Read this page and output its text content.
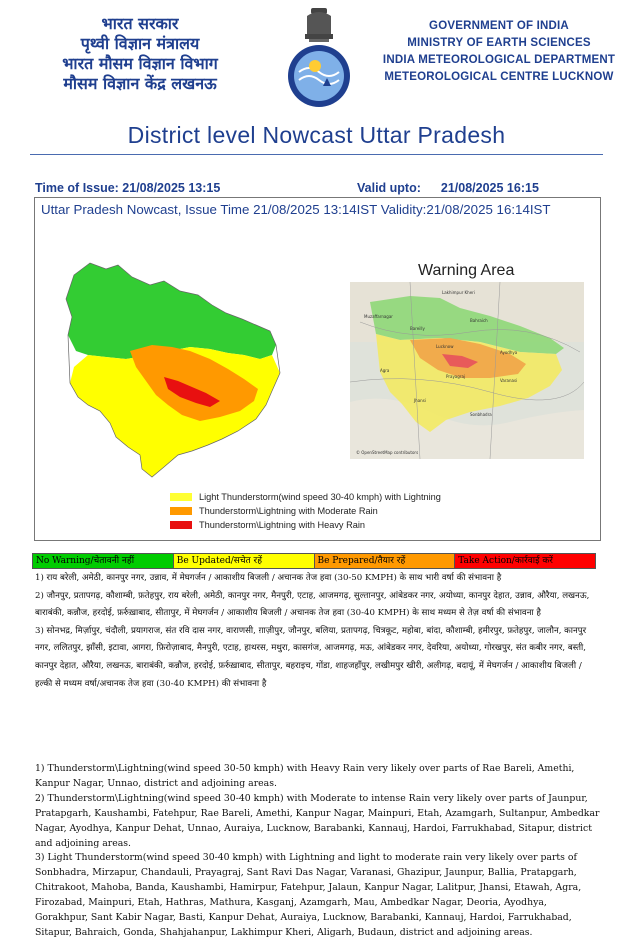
भारत सरकार
पृथ्वी विज्ञान मंत्रालय
भारत मौसम विज्ञान विभाग
मौसम विज्ञान केंद्र लखनऊ
GOVERNMENT OF INDIA
MINISTRY OF EARTH SCIENCES
INDIA METEOROLOGICAL DEPARTMENT
METEOROLOGICAL CENTRE LUCKNOW
District level Nowcast Uttar Pradesh
Time of Issue: 21/08/2025 13:15	Valid upto: 21/08/2025 16:15
Uttar Pradesh Nowcast, Issue Time 21/08/2025 13:14IST Validity:21/08/2025 16:14IST
Warning Area
Lakhimpur Kheri
Muzaffarnagar
Bahraich
Bareilly
Lucknow
Ayodhya
Agra
Prayagraj
Varanasi
Jhansi
Sonbhadra
© OpenStreetMap contributors
Light Thunderstorm(wind speed 30-40 kmph) with Lightning
Thunderstorm\Lightning with Moderate Rain
Thunderstorm\Lightning with Heavy Rain
No Warning/चेतावनी नहीं	Be Updated/सचेत रहें	Be Prepared/तैयार रहें	Take Action/कार्रवाई करें

1) राय बरेली, अमेठी, कानपुर नगर, उन्नाव, में मेघगर्जन / आकाशीय बिजली / अचानक तेज हवा (30-50 KMPH) के साथ भारी वर्षा की संभावना है

2) जौनपुर, प्रतापगढ़, कौशाम्बी, फ़तेहपुर, राय बरेली, अमेठी, कानपुर नगर, मैनपुरी, एटाह, आजमगढ़, सुल्तानपुर, आंबेडकर नगर, अयोध्या, कानपुर देहात, उन्नाव, औरैया, लखनऊ, बाराबंकी, कन्नौज, हरदोई, फ़र्रुख़ाबाद, सीतापुर, में मेघगर्जन / आकाशीय बिजली / अचानक तेज हवा (30-40 KMPH) के साथ मध्यम से तेज़ वर्षा की संभावना है

3) सोनभद्र, मिर्ज़ापुर, चंदौली, प्रयागराज, संत रवि दास नगर, वाराणसी, ग़ाज़ीपुर, जौनपुर, बलिया, प्रतापगढ़, चित्रकूट, महोबा, बांदा, कौशाम्बी, हमीरपुर, फ़तेहपुर, जालौन, कानपुर नगर, ललितपुर, झाँसी, इटावा, आगरा, फ़िरोज़ाबाद, मैनपुरी, एटाह, हाथरस, मथुरा, कासगंज, आजमगढ़, मऊ, आंबेडकर नगर, देवरिया, अयोध्या, गोरखपुर, संत कबीर नगर, बस्ती, कानपुर देहात, औरैया, लखनऊ, बाराबंकी, कन्नौज, हरदोई, फ़र्रुख़ाबाद, सीतापुर, बहराइच, गोंडा, शाहजहाँपुर, लखीमपुर खीरी, अलीगढ़, बदायूं, में मेघगर्जन / आकाशीय बिजली / हल्की से मध्यम वर्षा/अचानक तेज हवा (30-40 KMPH) की संभावना है

1) Thunderstorm\Lightning(wind speed 30-50 kmph) with Heavy Rain very likely over parts of Rae Bareli, Amethi, Kanpur Nagar, Unnao, district and adjoining areas.

2) Thunderstorm\Lightning(wind speed 30-40 kmph) with Moderate to intense Rain very likely over parts of Jaunpur, Pratapgarh, Kaushambi, Fatehpur, Rae Bareli, Amethi, Kanpur Nagar, Mainpuri, Etah, Azamgarh, Sultanpur, Ambedkar Nagar, Ayodhya, Kanpur Dehat, Unnao, Auraiya, Lucknow, Barabanki, Kannauj, Hardoi, Farrukhabad, Sitapur, district and adjoining areas.

3) Light Thunderstorm(wind speed 30-40 kmph) with Lightning and light to moderate rain very likely over parts of Sonbhadra, Mirzapur, Chandauli, Prayagraj, Sant Ravi Das Nagar, Varanasi, Ghazipur, Jaunpur, Ballia, Pratapgarh, Chitrakoot, Mahoba, Banda, Kaushambi, Hamirpur, Fatehpur, Jalaun, Kanpur Nagar, Lalitpur, Jhansi, Etawah, Agra, Firozabad, Mainpuri, Etah, Hathras, Mathura, Kasganj, Azamgarh, Mau, Ambedkar Nagar, Deoria, Ayodhya, Gorakhpur, Sant Kabir Nagar, Basti, Kanpur Dehat, Auraiya, Lucknow, Barabanki, Kannauj, Hardoi, Farrukhabad, Sitapur, Bahraich, Gonda, Shahjahanpur, Lakhimpur Kheri, Aligarh, Budaun, district and adjoining areas.
